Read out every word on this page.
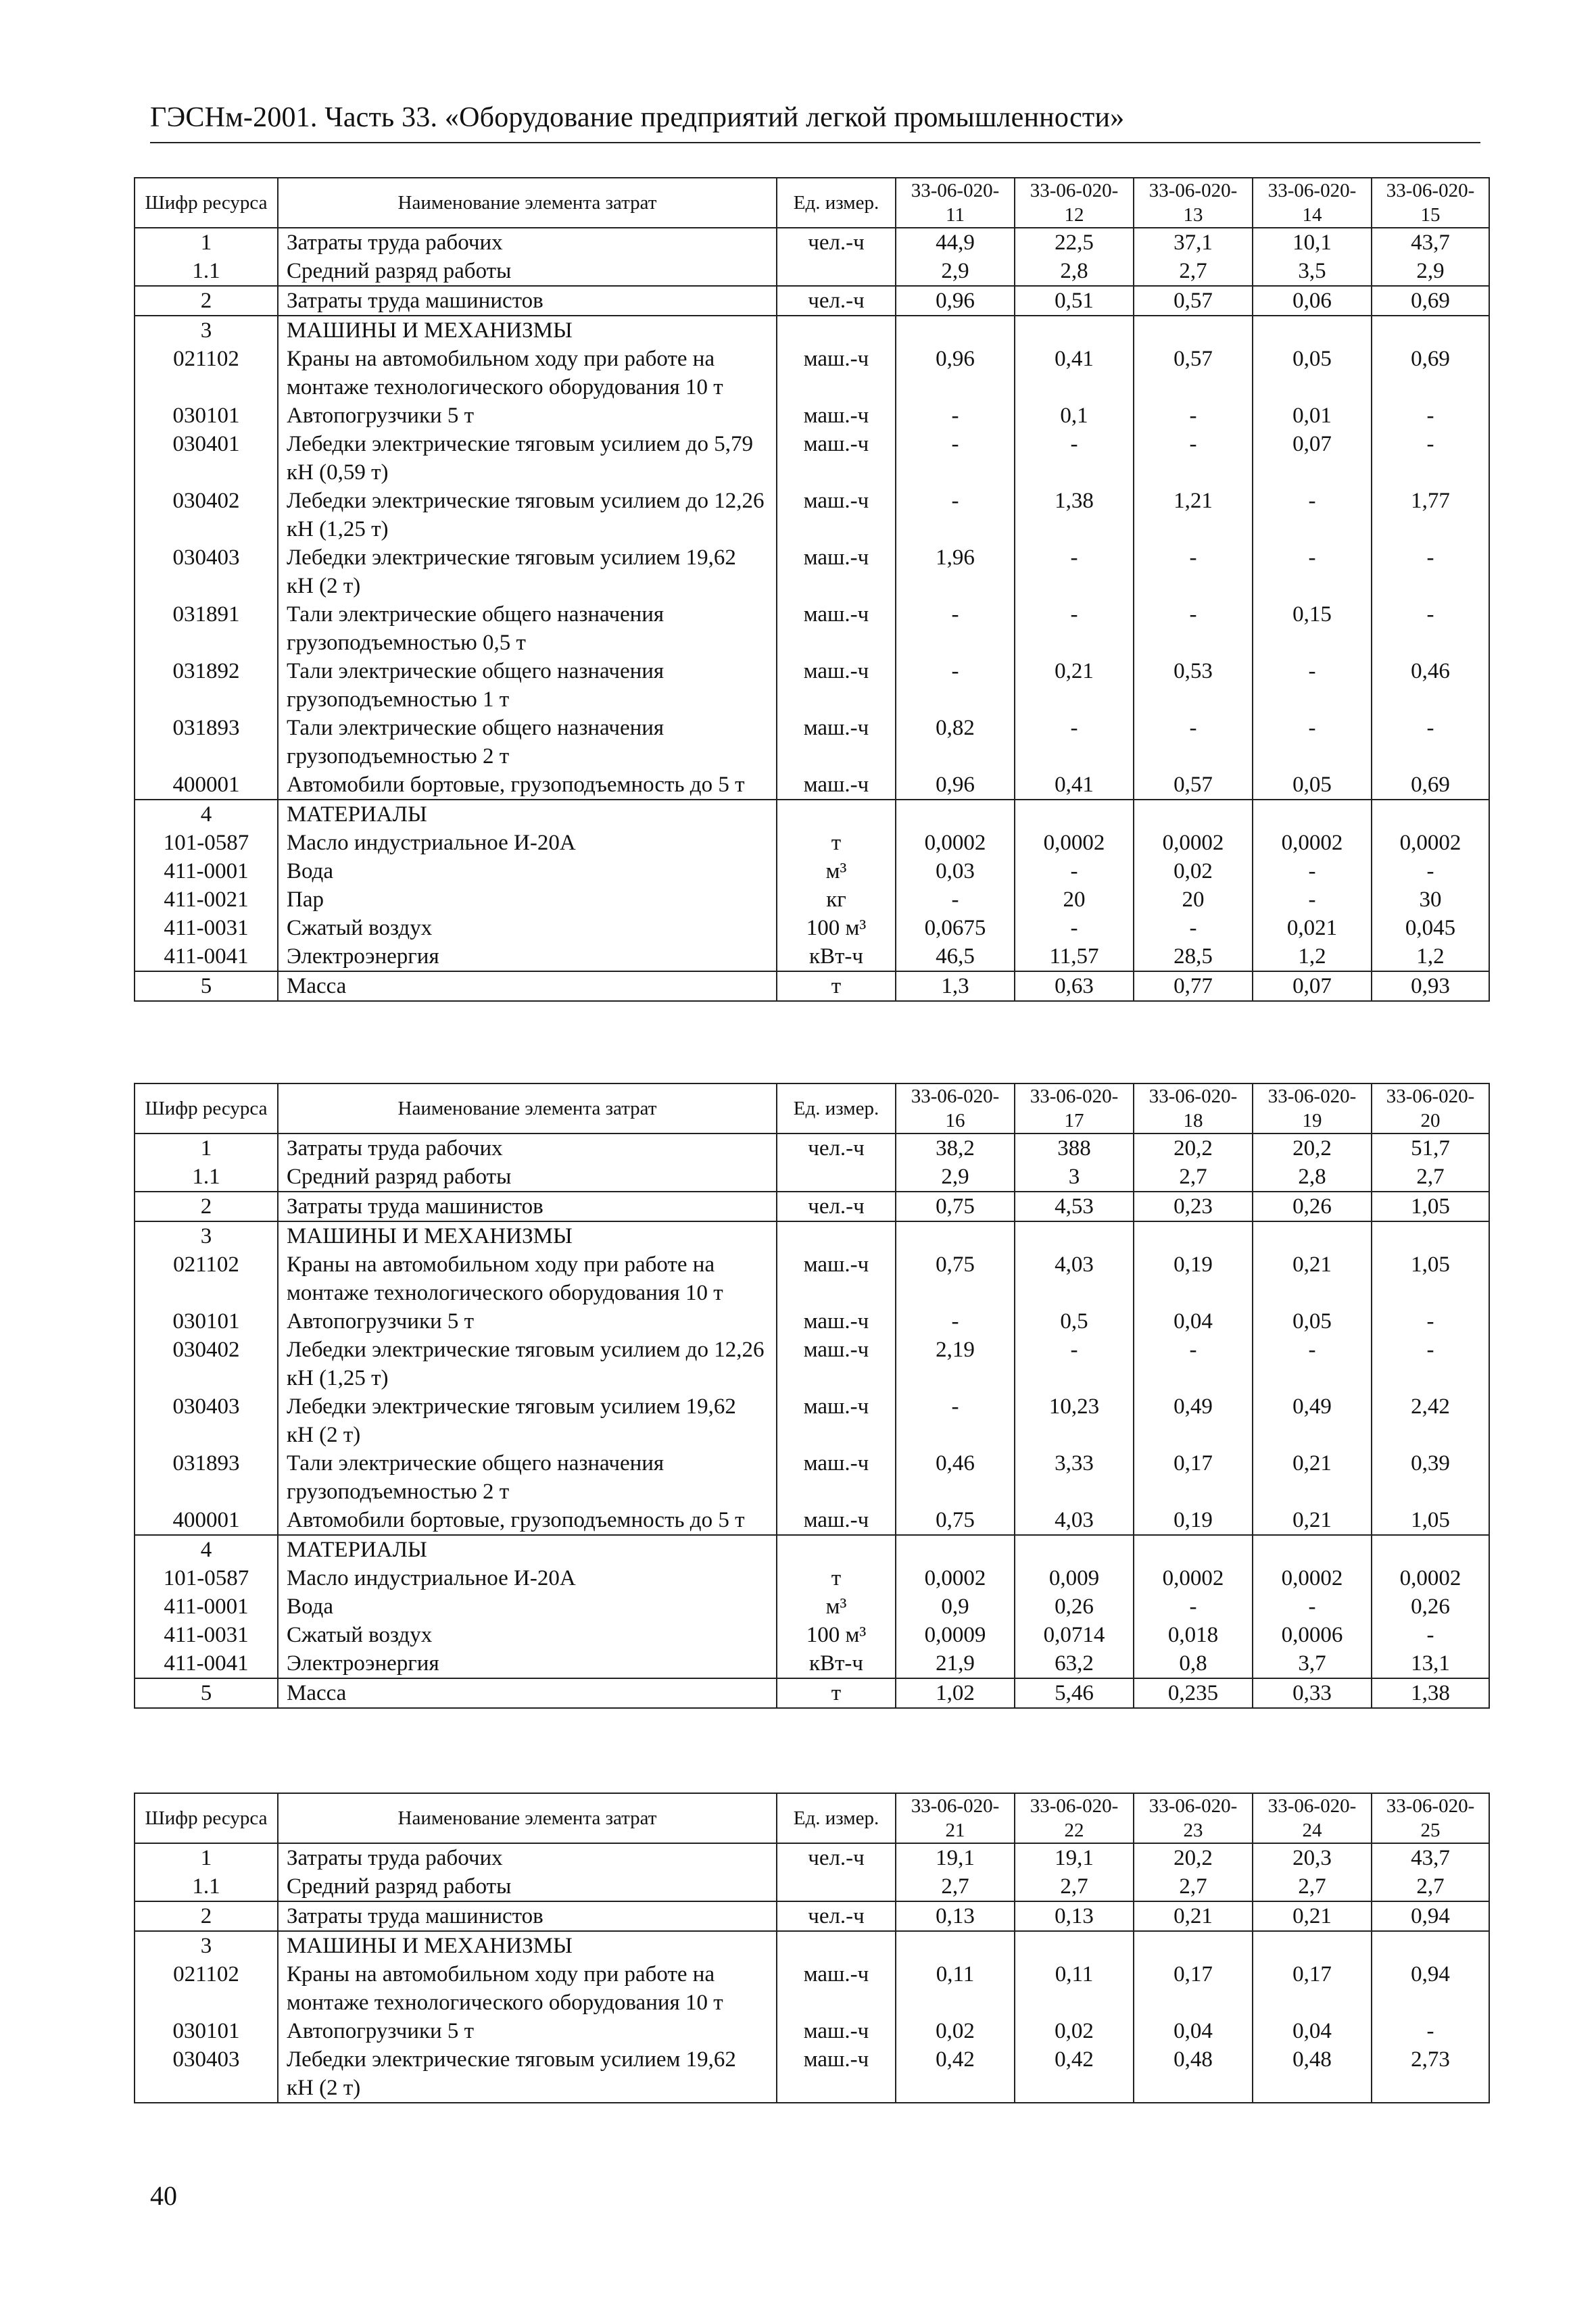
ГЭСНм-2001. Часть 33. «Оборудование предприятий легкой промышленности»
Шифр ресурса	Наименование элемента затрат	Ед. измер.	33-06-020-11	33-06-020-12	33-06-020-13	33-06-020-14	33-06-020-15
1	Затраты труда рабочих	чел.-ч	44,9	22,5	37,1	10,1	43,7
1.1	Средний разряд работы		2,9	2,8	2,7	3,5	2,9
2	Затраты труда машинистов	чел.-ч	0,96	0,51	0,57	0,06	0,69
3	МАШИНЫ И МЕХАНИЗМЫ						
021102	Краны на автомобильном ходу при работе на монтаже технологического оборудования 10 т	маш.-ч	0,96	0,41	0,57	0,05	0,69
030101	Автопогрузчики 5 т	маш.-ч	-	0,1	-	0,01	-
030401	Лебедки электрические тяговым усилием до 5,79 кН (0,59 т)	маш.-ч	-	-	-	0,07	-
030402	Лебедки электрические тяговым усилием до 12,26 кН (1,25 т)	маш.-ч	-	1,38	1,21	-	1,77
030403	Лебедки электрические тяговым усилием 19,62 кН (2 т)	маш.-ч	1,96	-	-	-	-
031891	Тали электрические общего назначения грузоподъемностью 0,5 т	маш.-ч	-	-	-	0,15	-
031892	Тали электрические общего назначения грузоподъемностью 1 т	маш.-ч	-	0,21	0,53	-	0,46
031893	Тали электрические общего назначения грузоподъемностью 2 т	маш.-ч	0,82	-	-	-	-
400001	Автомобили бортовые, грузоподъемность до 5 т	маш.-ч	0,96	0,41	0,57	0,05	0,69
4	МАТЕРИАЛЫ						
101-0587	Масло индустриальное И-20А	т	0,0002	0,0002	0,0002	0,0002	0,0002
411-0001	Вода	м³	0,03	-	0,02	-	-
411-0021	Пар	кг	-	20	20	-	30
411-0031	Сжатый воздух	100 м³	0,0675	-	-	0,021	0,045
411-0041	Электроэнергия	кВт-ч	46,5	11,57	28,5	1,2	1,2
5	Масса	т	1,3	0,63	0,77	0,07	0,93
Шифр ресурса	Наименование элемента затрат	Ед. измер.	33-06-020-16	33-06-020-17	33-06-020-18	33-06-020-19	33-06-020-20
1	Затраты труда рабочих	чел.-ч	38,2	388	20,2	20,2	51,7
1.1	Средний разряд работы		2,9	3	2,7	2,8	2,7
2	Затраты труда машинистов	чел.-ч	0,75	4,53	0,23	0,26	1,05
3	МАШИНЫ И МЕХАНИЗМЫ						
021102	Краны на автомобильном ходу при работе на монтаже технологического оборудования 10 т	маш.-ч	0,75	4,03	0,19	0,21	1,05
030101	Автопогрузчики 5 т	маш.-ч	-	0,5	0,04	0,05	-
030402	Лебедки электрические тяговым усилием до 12,26 кН (1,25 т)	маш.-ч	2,19	-	-	-	-
030403	Лебедки электрические тяговым усилием 19,62 кН (2 т)	маш.-ч	-	10,23	0,49	0,49	2,42
031893	Тали электрические общего назначения грузоподъемностью 2 т	маш.-ч	0,46	3,33	0,17	0,21	0,39
400001	Автомобили бортовые, грузоподъемность до 5 т	маш.-ч	0,75	4,03	0,19	0,21	1,05
4	МАТЕРИАЛЫ						
101-0587	Масло индустриальное И-20А	т	0,0002	0,009	0,0002	0,0002	0,0002
411-0001	Вода	м³	0,9	0,26	-	-	0,26
411-0031	Сжатый воздух	100 м³	0,0009	0,0714	0,018	0,0006	-
411-0041	Электроэнергия	кВт-ч	21,9	63,2	0,8	3,7	13,1
5	Масса	т	1,02	5,46	0,235	0,33	1,38
Шифр ресурса	Наименование элемента затрат	Ед. измер.	33-06-020-21	33-06-020-22	33-06-020-23	33-06-020-24	33-06-020-25
1	Затраты труда рабочих	чел.-ч	19,1	19,1	20,2	20,3	43,7
1.1	Средний разряд работы		2,7	2,7	2,7	2,7	2,7
2	Затраты труда машинистов	чел.-ч	0,13	0,13	0,21	0,21	0,94
3	МАШИНЫ И МЕХАНИЗМЫ						
021102	Краны на автомобильном ходу при работе на монтаже технологического оборудования 10 т	маш.-ч	0,11	0,11	0,17	0,17	0,94
030101	Автопогрузчики 5 т	маш.-ч	0,02	0,02	0,04	0,04	-
030403	Лебедки электрические тяговым усилием 19,62 кН (2 т)	маш.-ч	0,42	0,42	0,48	0,48	2,73
40
